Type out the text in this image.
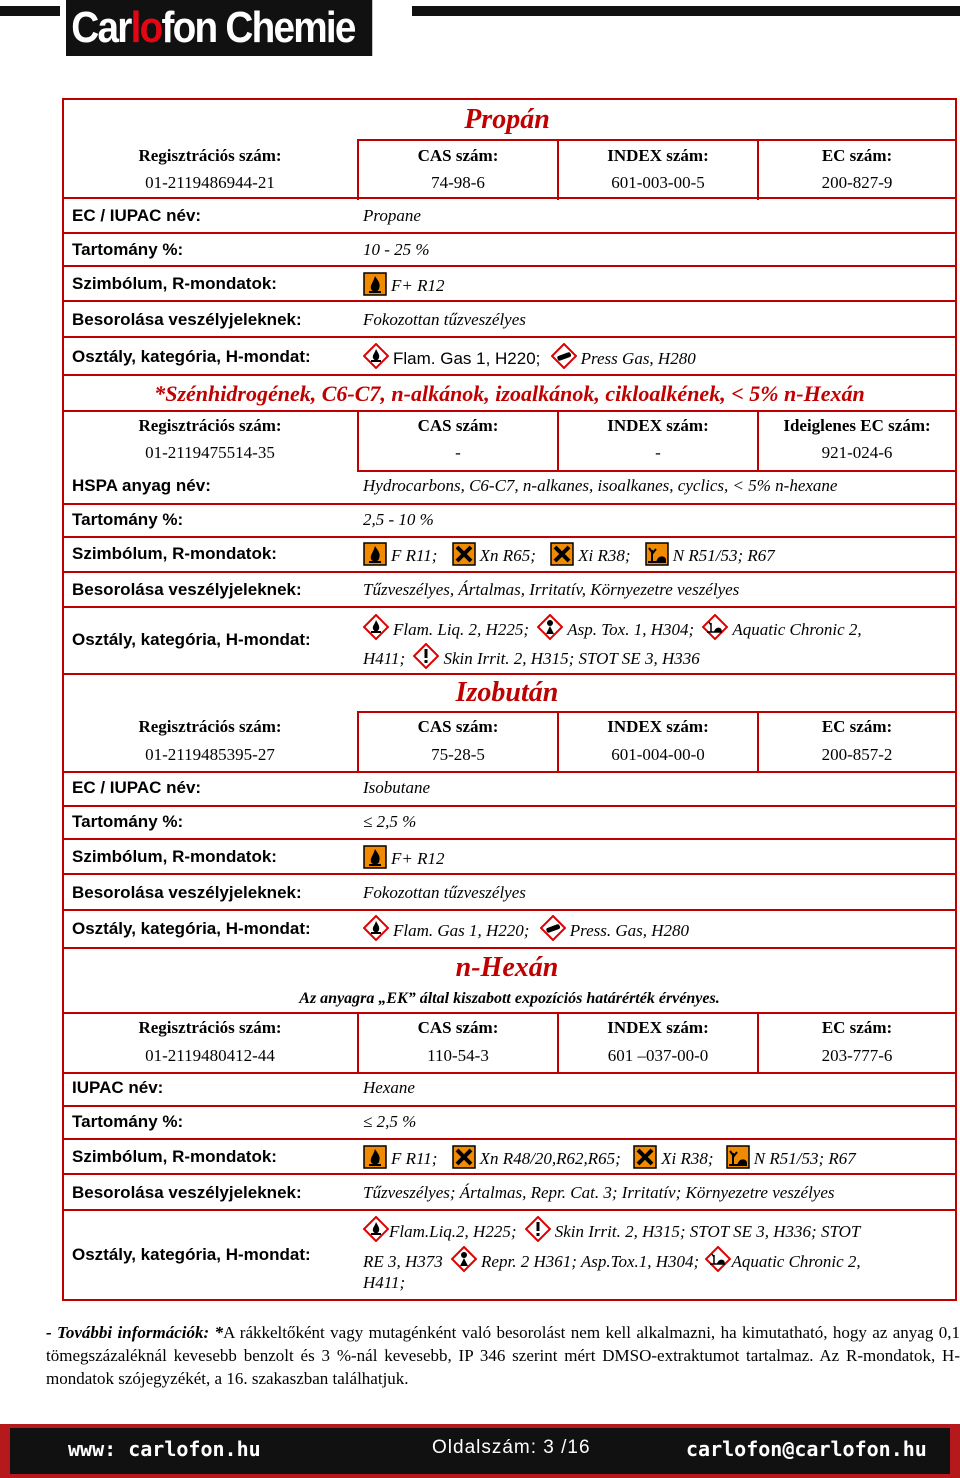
Carlofon Chemie
Propán
Regisztrációs szám:
01-2119486944-21
CAS szám:
74-98-6
INDEX szám:
601-003-00-5
EC szám:
200-827-9
EC / IUPAC név:	Propane
Tartomány %:	10 - 25 %
Szimbólum, R-mondatok:	F+ R12
Besorolása veszélyjeleknek:	Fokozottan tűzveszélyes
Osztály, kategória, H-mondat:	Flam. Gas 1, H220; Press Gas, H280
*Szénhidrogének, C6-C7, n-alkánok, izoalkánok, cikloalkének, < 5% n-Hexán
Regisztrációs szám:
01-2119475514-35
CAS szám:
-
INDEX szám:
-
Ideiglenes EC szám:
921-024-6
HSPA anyag név:	Hydrocarbons, C6-C7, n-alkanes, isoalkanes, cyclics, < 5% n-hexane
Tartomány %:	2,5 - 10 %
Szimbólum, R-mondatok:	F R11; Xn R65; Xi R38; N R51/53; R67
Besorolása veszélyjeleknek:	Tűzveszélyes, Ártalmas, Irritatív, Környezetre veszélyes
Osztály, kategória, H-mondat:
Flam. Liq. 2, H225; Asp. Tox. 1, H304; Aquatic Chronic 2,
H411; Skin Irrit. 2, H315; STOT SE 3, H336
Izobután
Regisztrációs szám:
01-2119485395-27
CAS szám:
75-28-5
INDEX szám:
601-004-00-0
EC szám:
200-857-2
EC / IUPAC név:	Isobutane
Tartomány %:	≤ 2,5 %
Szimbólum, R-mondatok:	F+ R12
Besorolása veszélyjeleknek:	Fokozottan tűzveszélyes
Osztály, kategória, H-mondat:	Flam. Gas 1, H220; Press. Gas, H280
n-Hexán
Az anyagra „EK” által kiszabott expozíciós határérték érvényes.
Regisztrációs szám:
01-2119480412-44
CAS szám:
110-54-3
INDEX szám:
601 –037-00-0
EC szám:
203-777-6
IUPAC név:	Hexane
Tartomány %:	≤ 2,5 %
Szimbólum, R-mondatok:	F R11; Xn R48/20,R62,R65; Xi R38; N R51/53; R67
Besorolása veszélyjeleknek:	Tűzveszélyes; Ártalmas, Repr. Cat. 3; Irritatív; Környezetre veszélyes
Osztály, kategória, H-mondat:
Flam.Liq.2, H225; Skin Irrit. 2, H315; STOT SE 3, H336; STOT
RE 3, H373 Repr. 2 H361; Asp.Tox.1, H304; Aquatic Chronic 2,
H411;
- További információk: *A rákkeltőként vagy mutagénként való besorolást nem kell alkalmazni, ha kimutatható, hogy az anyag 0,1 tömegszázaléknál kevesebb benzolt és 3 %-nál kevesebb, IP 346 szerint mért DMSO-extraktumot tartalmaz. Az R-mondatok, H-mondatok szójegyzékét, a 16. szakaszban találhatjuk.
www: carlofon.hu	Oldalszám: 3 /16	carlofon@carlofon.hu
